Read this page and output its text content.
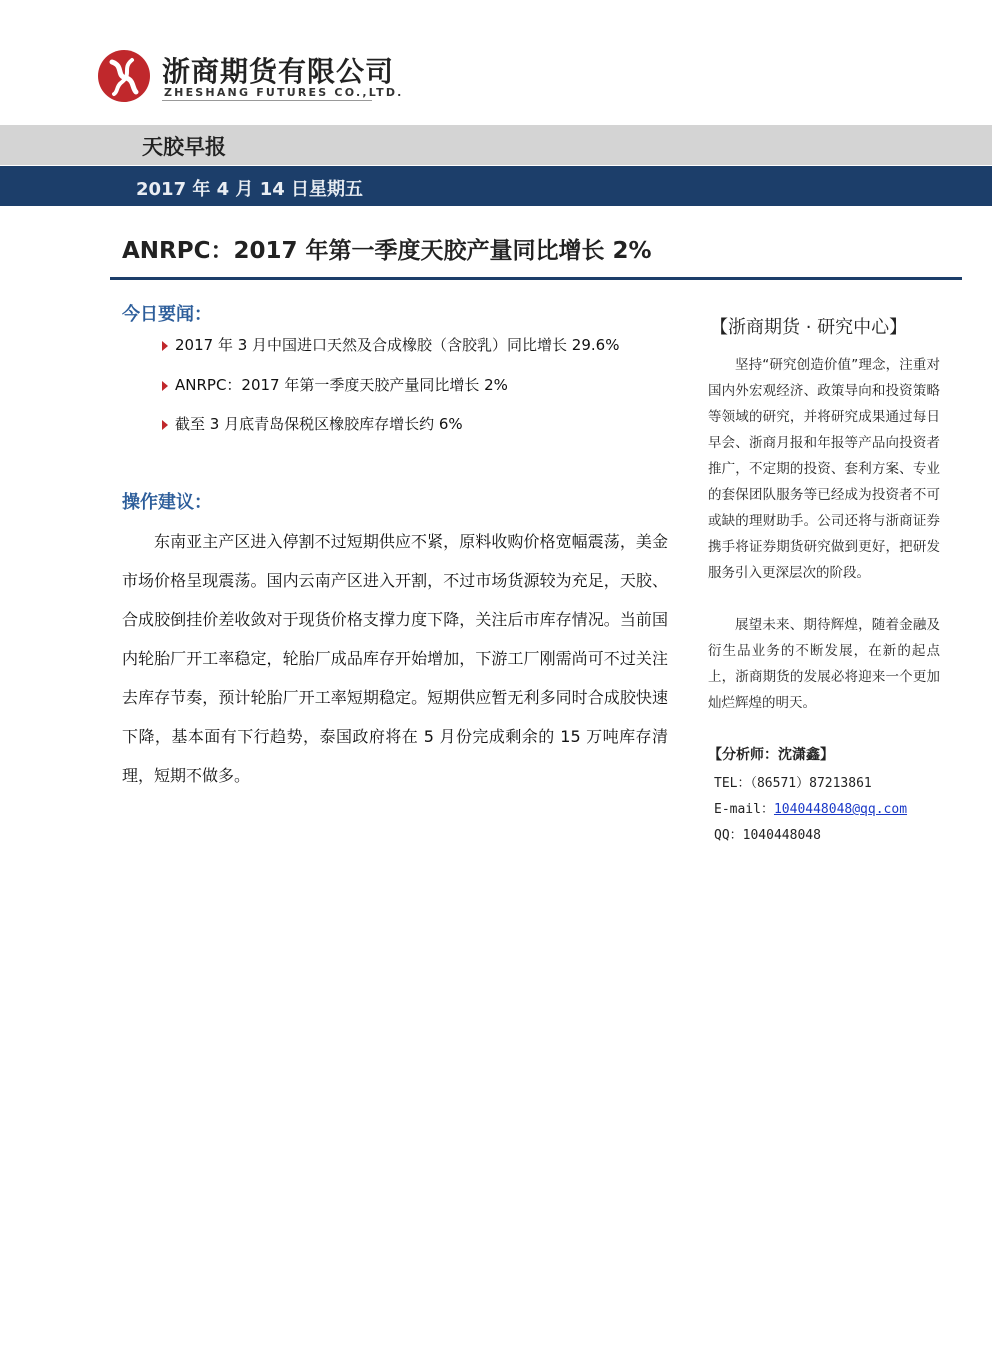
浙商期货有限公司
ZHESHANG FUTURES CO.,LTD.
天胶早报
2017 年 4 月 14 日星期五
ANRPC：2017 年第一季度天胶产量同比增长 2%
今日要闻：
2017 年 3 月中国进口天然及合成橡胶（含胶乳）同比增长 29.6%
ANRPC：2017 年第一季度天胶产量同比增长 2%
截至 3 月底青岛保税区橡胶库存增长约 6%
操作建议：

东南亚主产区进入停割不过短期供应不紧，原料收购价格宽幅震荡，美金市场价格呈现震荡。国内云南产区进入开割，不过市场货源较为充足，天胶、合成胶倒挂价差收敛对于现货价格支撑力度下降，关注后市库存情况。当前国内轮胎厂开工率稳定，轮胎厂成品库存开始增加，下游工厂刚需尚可不过关注去库存节奏，预计轮胎厂开工率短期稳定。短期供应暂无利多同时合成胶快速下降，基本面有下行趋势，泰国政府将在 5 月份完成剩余的 15 万吨库存清理，短期不做多。

【浙商期货 · 研究中心】

坚持“研究创造价值”理念，注重对国内外宏观经济、政策导向和投资策略等领域的研究，并将研究成果通过每日早会、浙商月报和年报等产品向投资者推广，不定期的投资、套利方案、专业的套保团队服务等已经成为投资者不可或缺的理财助手。公司还将与浙商证券携手将证券期货研究做到更好，把研发服务引入更深层次的阶段。

展望未来、期待辉煌，随着金融及衍生品业务的不断发展，在新的起点上，浙商期货的发展必将迎来一个更加灿烂辉煌的明天。

【分析师：沈潇鑫】
TEL：（86571）87213861
E-mail：1040448048@qq.com
QQ：1040448048
